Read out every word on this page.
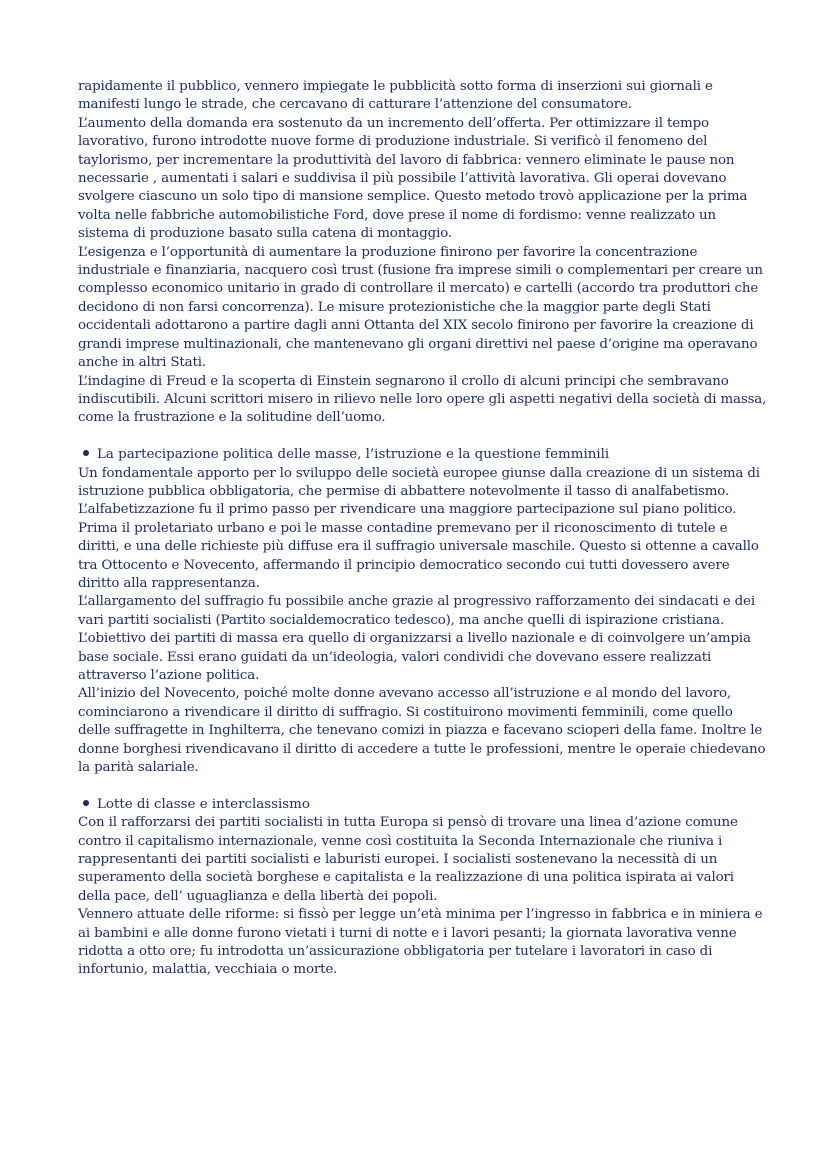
rapidamente il pubblico, vennero impiegate le pubblicità sotto forma di inserzioni sui giornali e manifesti lungo le strade, che cercavano di catturare l’attenzione del consumatore.

L’aumento della domanda era sostenuto da un incremento dell’offerta. Per ottimizzare il tempo lavorativo, furono introdotte nuove forme di produzione industriale. Si verificò il fenomeno del taylorismo, per incrementare la produttività del lavoro di fabbrica: vennero eliminate le pause non necessarie , aumentati i salari e suddivisa il più possibile l’attività lavorativa. Gli operai dovevano svolgere ciascuno un solo tipo di mansione semplice. Questo metodo trovò applicazione per la prima volta nelle fabbriche automobilistiche Ford, dove prese il nome di fordismo: venne realizzato un sistema di produzione basato sulla catena di montaggio.

L’esigenza e l’opportunità di aumentare la produzione finirono per favorire la concentrazione industriale e finanziaria, nacquero così trust (fusione fra imprese simili o complementari per creare un complesso economico unitario in grado di controllare il mercato) e cartelli (accordo tra produttori che decidono di non farsi concorrenza). Le misure protezionistiche che la maggior parte degli Stati occidentali adottarono a partire dagli anni Ottanta del XIX secolo finirono per favorire la creazione di grandi imprese multinazionali, che mantenevano gli organi direttivi nel paese d’origine ma operavano anche in altri Stati.

L’indagine di Freud e la scoperta di Einstein segnarono il crollo di alcuni principi che sembravano indiscutibili. Alcuni scrittori misero in rilievo nelle loro opere gli aspetti negativi della società di massa, come la frustrazione e la solitudine dell’uomo.

La partecipazione politica delle masse, l’istruzione e la questione femminili

Un fondamentale apporto per lo sviluppo delle società europee giunse dalla creazione di un sistema di istruzione pubblica obbligatoria, che permise di abbattere notevolmente il tasso di analfabetismo. L’alfabetizzazione fu il primo passo per rivendicare una maggiore partecipazione sul piano politico. Prima il proletariato urbano e poi le masse contadine premevano per il riconoscimento di tutele e diritti, e una delle richieste più diffuse era il suffragio universale maschile. Questo si ottenne a cavallo tra Ottocento e Novecento, affermando il principio democratico secondo cui tutti dovessero avere diritto alla rappresentanza.

L’allargamento del suffragio fu possibile anche grazie al progressivo rafforzamento dei sindacati e dei vari partiti socialisti (Partito socialdemocratico tedesco), ma anche quelli di ispirazione cristiana.

L’obiettivo dei partiti di massa era quello di organizzarsi a livello nazionale e di coinvolgere un’ampia base sociale. Essi erano guidati da un’ideologia, valori condividi che dovevano essere realizzati attraverso l’azione politica.

All’inizio del Novecento, poiché molte donne avevano accesso all’istruzione e al mondo del lavoro, cominciarono a rivendicare il diritto di suffragio. Si costituirono movimenti femminili, come quello delle suffragette in Inghilterra, che tenevano comizi in piazza e facevano scioperi della fame. Inoltre le donne borghesi rivendicavano il diritto di accedere a tutte le professioni, mentre le operaie chiedevano la parità salariale.

Lotte di classe e interclassismo

Con il rafforzarsi dei partiti socialisti in tutta Europa si pensò di trovare una linea d’azione comune contro il capitalismo internazionale, venne così costituita la Seconda Internazionale che riuniva i rappresentanti dei partiti socialisti e laburisti europei. I socialisti sostenevano la necessità di un superamento della società borghese e capitalista e la realizzazione di una politica ispirata ai valori della pace, dell’ uguaglianza e della libertà dei popoli.

Vennero attuate delle riforme: si fissò per legge un’età minima per l’ingresso in fabbrica e in miniera e ai bambini e alle donne furono vietati i turni di notte e i lavori pesanti; la giornata lavorativa venne ridotta a otto ore; fu introdotta un’assicurazione obbligatoria per tutelare i lavoratori in caso di infortunio, malattia, vecchiaia o morte.
